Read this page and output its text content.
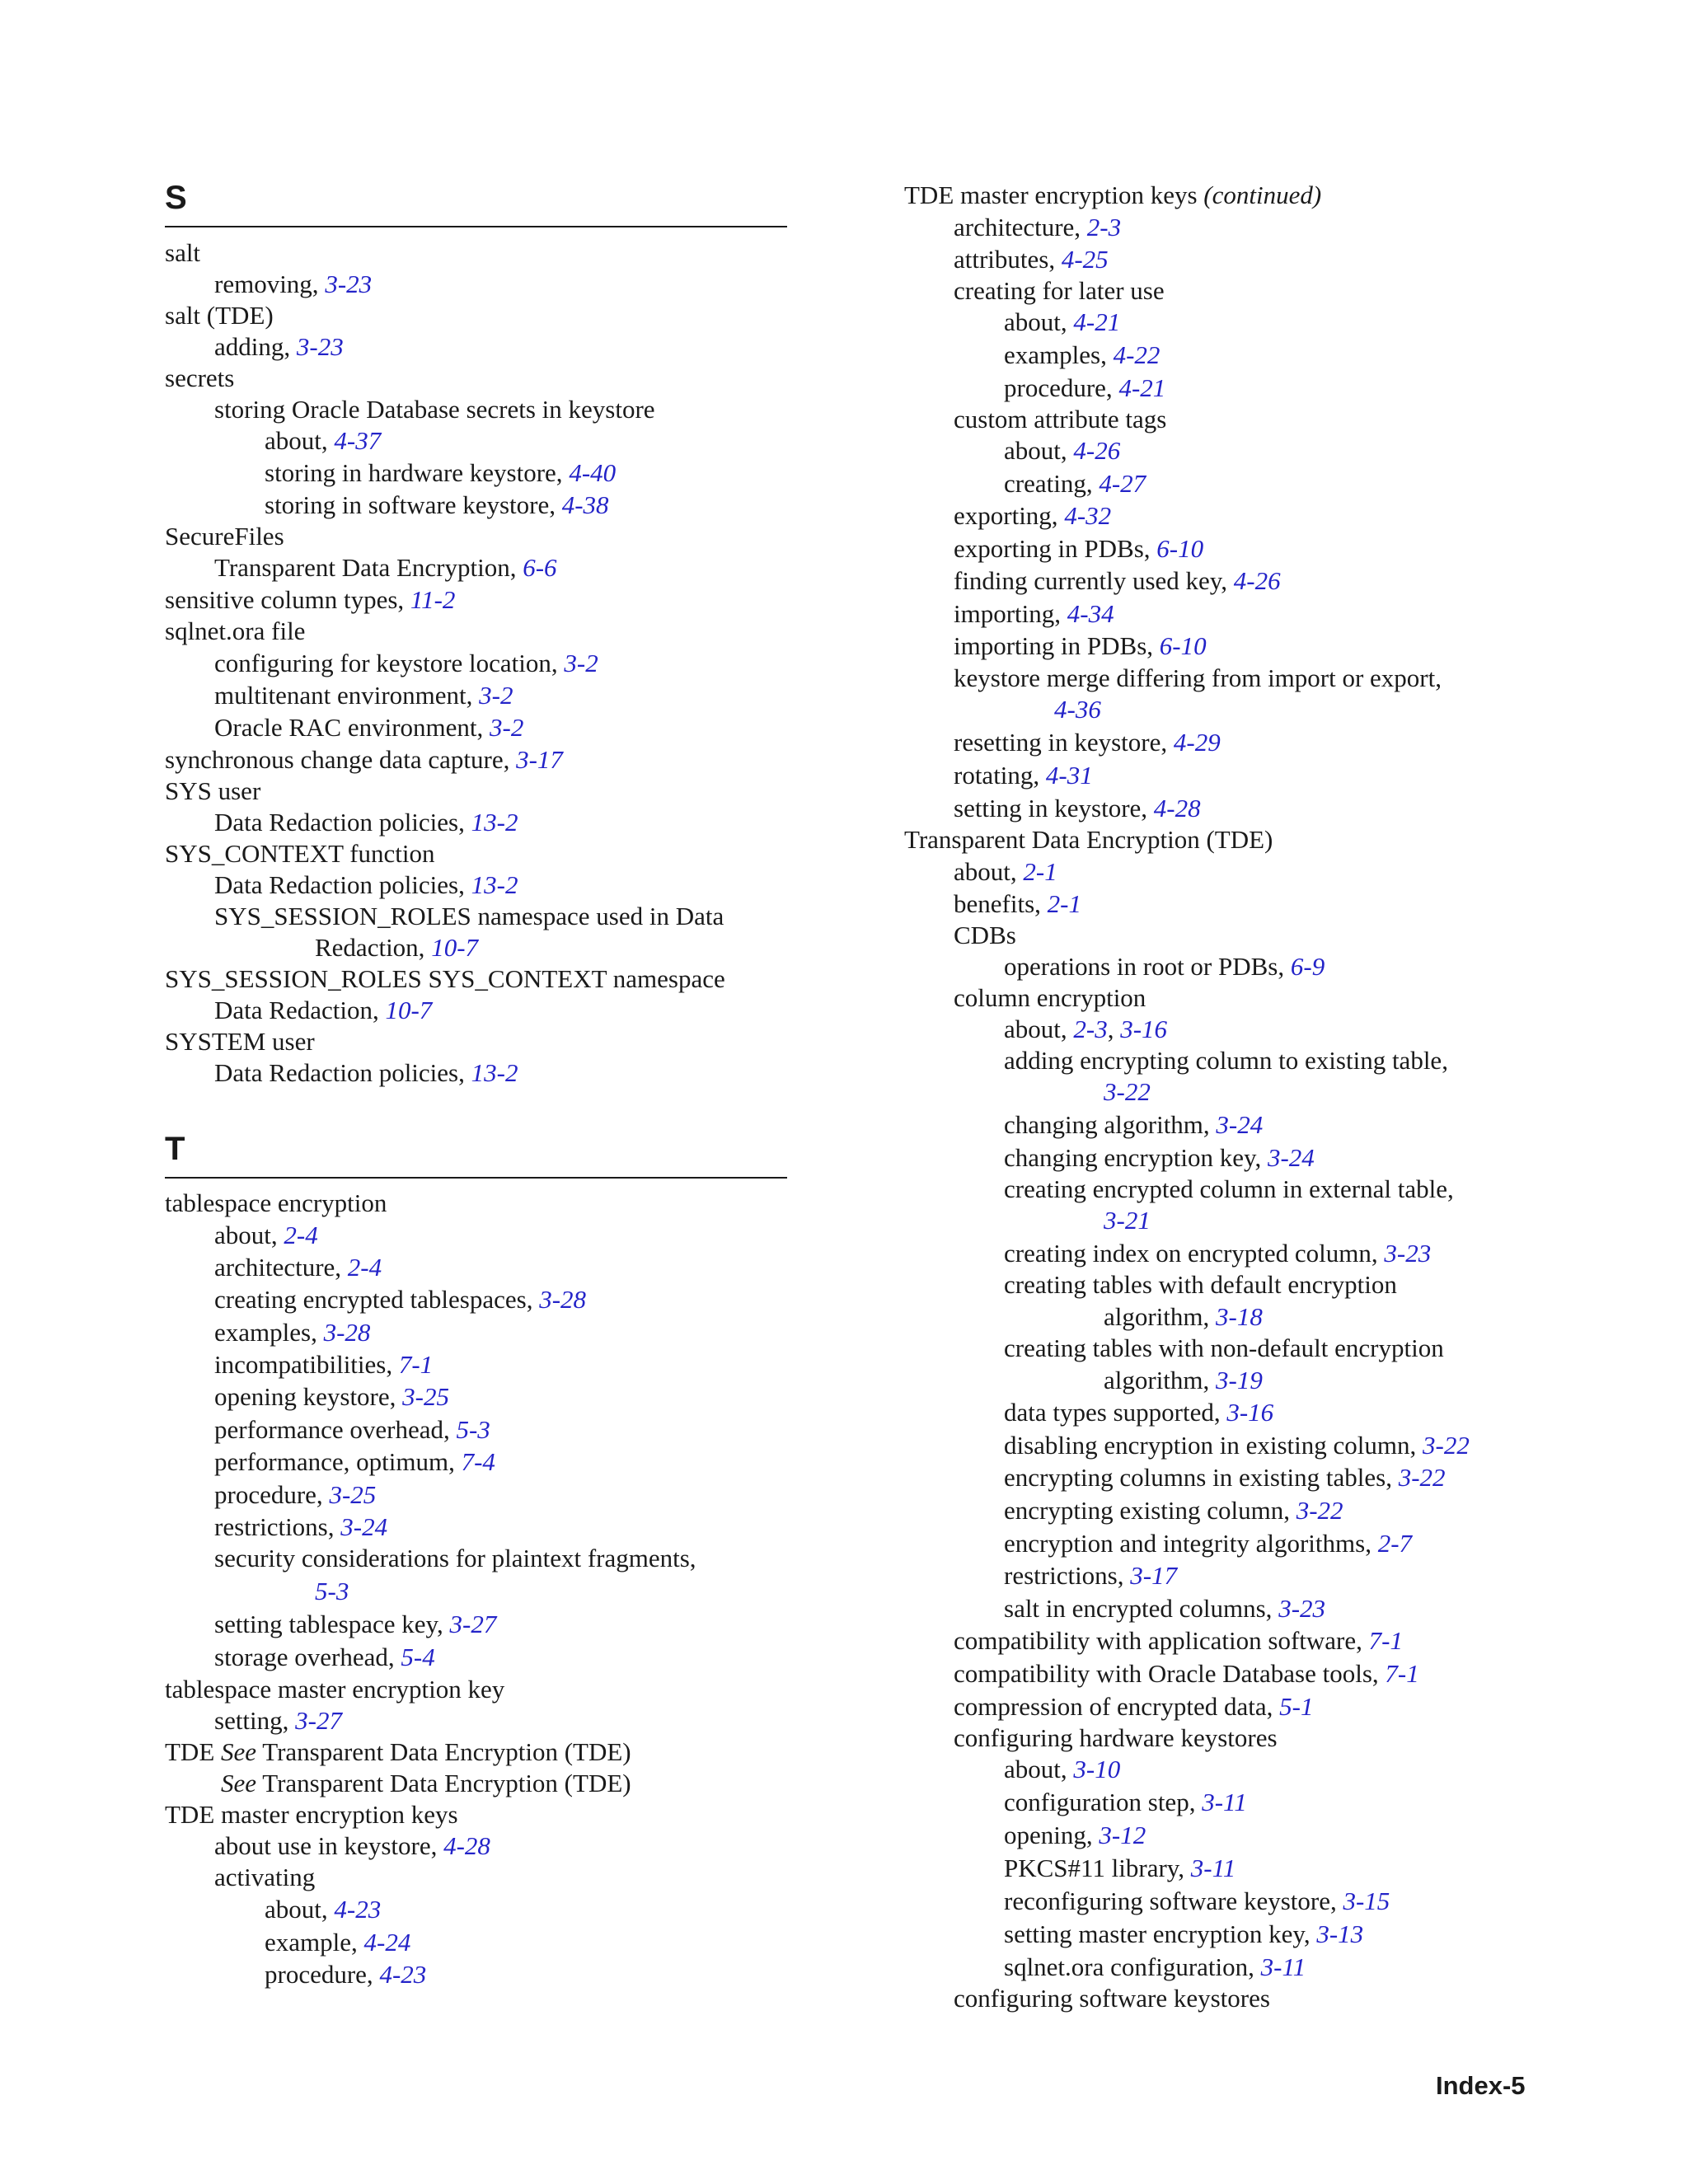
S
salt
removing, 3-23
salt (TDE)
adding, 3-23
secrets
storing Oracle Database secrets in keystore
about, 4-37
storing in hardware keystore, 4-40
storing in software keystore, 4-38
SecureFiles
Transparent Data Encryption, 6-6
sensitive column types, 11-2
sqlnet.ora file
configuring for keystore location, 3-2
multitenant environment, 3-2
Oracle RAC environment, 3-2
synchronous change data capture, 3-17
SYS user
Data Redaction policies, 13-2
SYS_CONTEXT function
Data Redaction policies, 13-2
SYS_SESSION_ROLES namespace used in Data
Redaction, 10-7
SYS_SESSION_ROLES SYS_CONTEXT namespace
Data Redaction, 10-7
SYSTEM user
Data Redaction policies, 13-2
T
tablespace encryption
about, 2-4
architecture, 2-4
creating encrypted tablespaces, 3-28
examples, 3-28
incompatibilities, 7-1
opening keystore, 3-25
performance overhead, 5-3
performance, optimum, 7-4
procedure, 3-25
restrictions, 3-24
security considerations for plaintext fragments,
5-3
setting tablespace key, 3-27
storage overhead, 5-4
tablespace master encryption key
setting, 3-27
TDE See Transparent Data Encryption (TDE)
See Transparent Data Encryption (TDE)
TDE master encryption keys
about use in keystore, 4-28
activating
about, 4-23
example, 4-24
procedure, 4-23
TDE master encryption keys (continued)
architecture, 2-3
attributes, 4-25
creating for later use
about, 4-21
examples, 4-22
procedure, 4-21
custom attribute tags
about, 4-26
creating, 4-27
exporting, 4-32
exporting in PDBs, 6-10
finding currently used key, 4-26
importing, 4-34
importing in PDBs, 6-10
keystore merge differing from import or export,
4-36
resetting in keystore, 4-29
rotating, 4-31
setting in keystore, 4-28
Transparent Data Encryption (TDE)
about, 2-1
benefits, 2-1
CDBs
operations in root or PDBs, 6-9
column encryption
about, 2-3, 3-16
adding encrypting column to existing table,
3-22
changing algorithm, 3-24
changing encryption key, 3-24
creating encrypted column in external table,
3-21
creating index on encrypted column, 3-23
creating tables with default encryption
algorithm, 3-18
creating tables with non-default encryption
algorithm, 3-19
data types supported, 3-16
disabling encryption in existing column, 3-22
encrypting columns in existing tables, 3-22
encrypting existing column, 3-22
encryption and integrity algorithms, 2-7
restrictions, 3-17
salt in encrypted columns, 3-23
compatibility with application software, 7-1
compatibility with Oracle Database tools, 7-1
compression of encrypted data, 5-1
configuring hardware keystores
about, 3-10
configuration step, 3-11
opening, 3-12
PKCS#11 library, 3-11
reconfiguring software keystore, 3-15
setting master encryption key, 3-13
sqlnet.ora configuration, 3-11
configuring software keystores
Index-5
